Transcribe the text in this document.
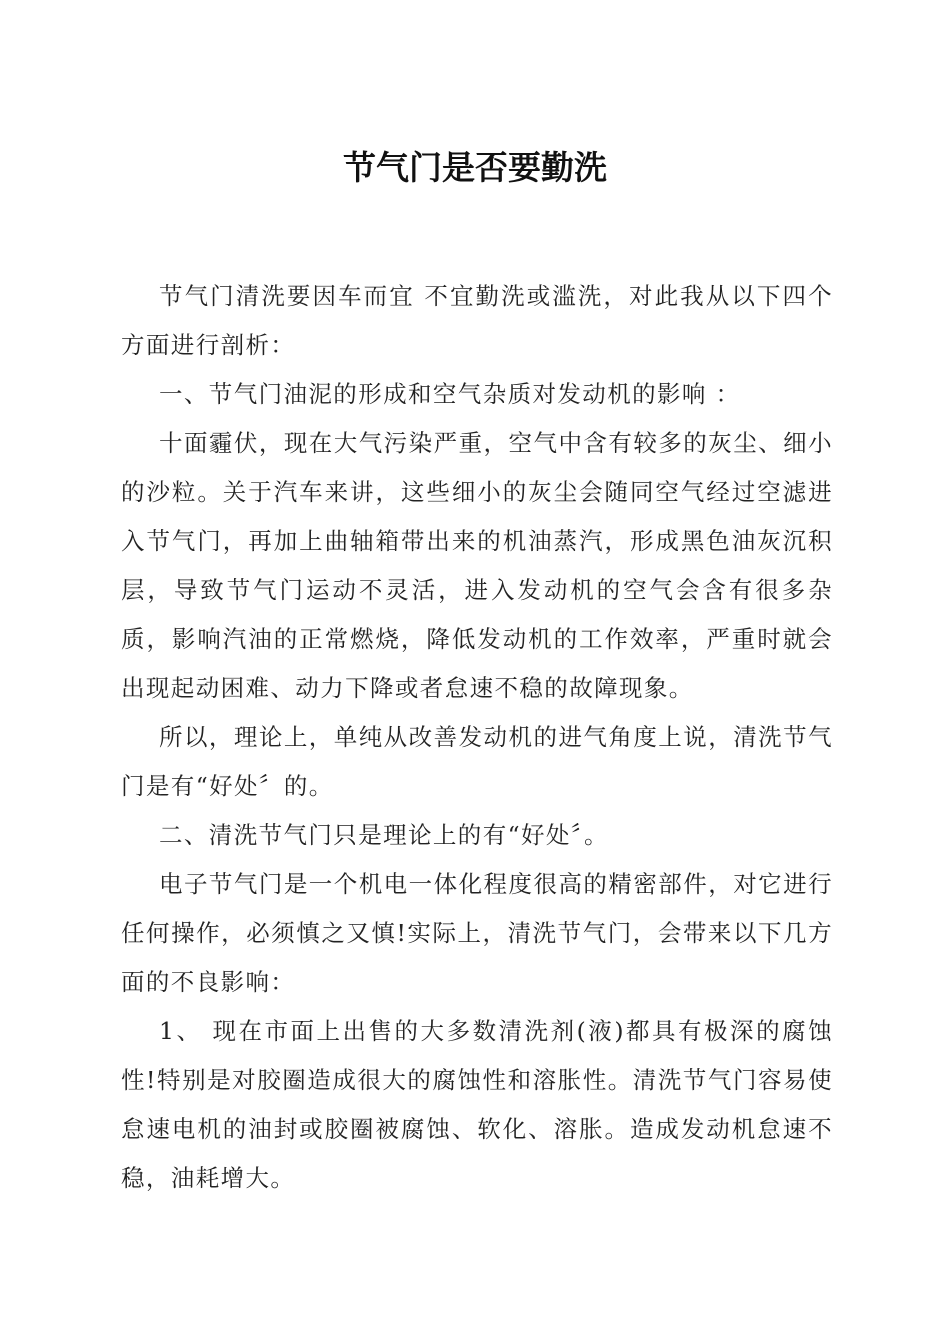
节气门是否要勤洗

节气门清洗要因车而宜 不宜勤洗或滥洗，对此我从以下四个方面进行剖析：

一、节气门油泥的形成和空气杂质对发动机的影响 ：

十面霾伏，现在大气污染严重，空气中含有较多的灰尘、细小的沙粒。关于汽车来讲，这些细小的灰尘会随同空气经过空滤进入节气门，再加上曲轴箱带出来的机油蒸汽，形成黑色油灰沉积层，导致节气门运动不灵活，进入发动机的空气会含有很多杂质，影响汽油的正常燃烧，降低发动机的工作效率，严重时就会出现起动困难、动力下降或者怠速不稳的故障现象。

所以，理论上，单纯从改善发动机的进气角度上说，清洗节气门是有“好处〞的。

二、清洗节气门只是理论上的有“好处〞。

电子节气门是一个机电一体化程度很高的精密部件，对它进行任何操作，必须慎之又慎!实际上，清洗节气门，会带来以下几方面的不良影响：

1、 现在市面上出售的大多数清洗剂(液)都具有极深的腐蚀性!特别是对胶圈造成很大的腐蚀性和溶胀性。清洗节气门容易使怠速电机的油封或胶圈被腐蚀、软化、溶胀。造成发动机怠速不稳，油耗增大。
